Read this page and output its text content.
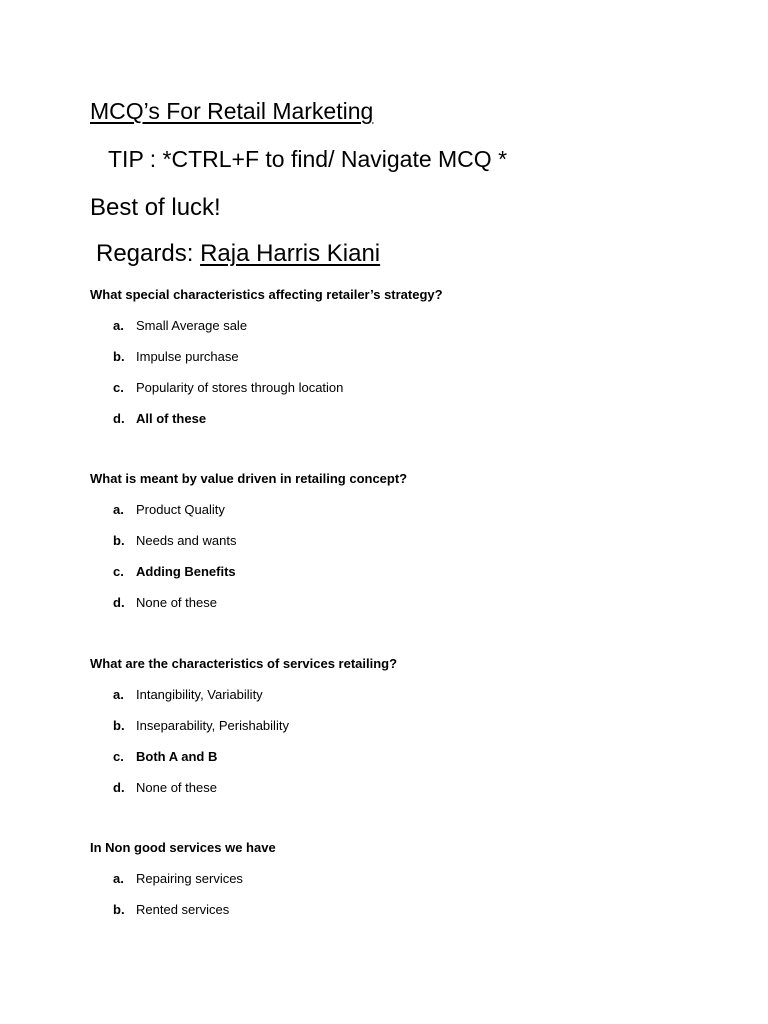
MCQ’s For Retail Marketing
TIP : *CTRL+F to find/ Navigate MCQ *
Best of luck!
Regards: Raja Harris Kiani

What special characteristics affecting retailer’s strategy?

a. Small Average sale
b. Impulse purchase
c. Popularity of stores through location
d. All of these

What is meant by value driven in retailing concept?

a. Product Quality
b. Needs and wants
c. Adding Benefits
d. None of these

What are the characteristics of services retailing?

a. Intangibility, Variability
b. Inseparability, Perishability
c. Both A and B
d. None of these

In Non good services we have

a. Repairing services
b. Rented services
